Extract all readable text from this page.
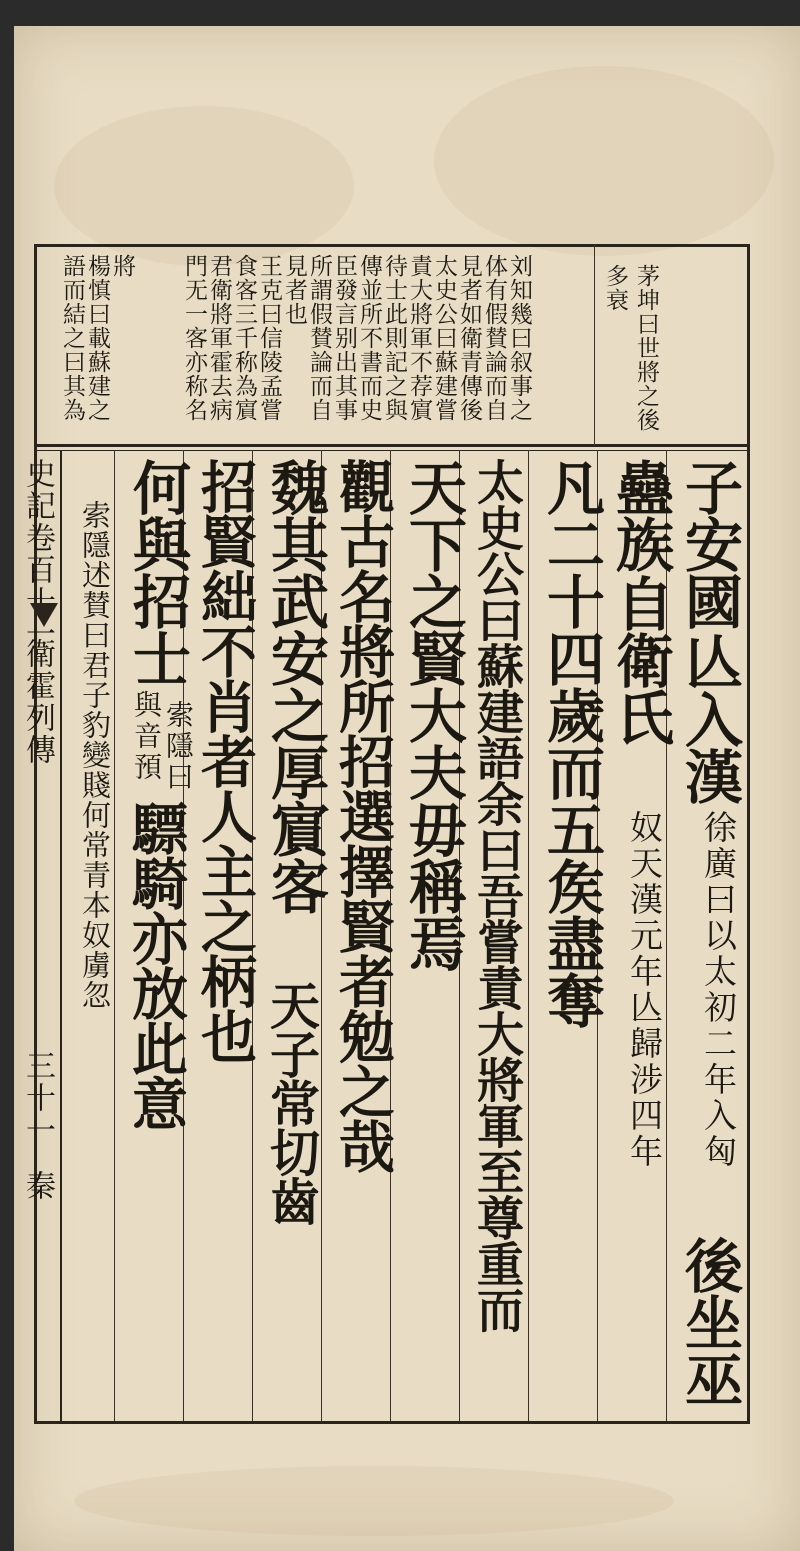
茅坤曰世將之後
多衰
刘知幾曰叙事之
体有假賛論而自
見者如衛青傳後
太史公曰蘇建嘗
責大將軍不荐賔
待士此則記之與
傳並所不書而史
臣發言别出其事
所謂假賛論而自
見者也
王克曰信陵孟嘗
食客三千称為賔
君衛將軍霍去病
門无一客亦称名
將
楊慎曰載蘇建之
語而結之曰其為
子安國
亾
入漢
徐廣曰以太初二年入匈
後坐巫
蠱族
自衛氏
奴天漢元年亾歸涉四年
凡二十四歲而五矦盡奪
太史公曰蘇建語余曰吾嘗責大將軍至尊重而
天下之賢大夫毋稱焉
觀古名將所招選擇賢者勉之哉
魏其武安之厚賔客
天子常切齒
招賢絀不肖者人主之柄也
何與招士
索隱曰
與音預
驃騎亦放此意
索隱述賛曰君子豹變賤何常青本奴虜忽
史記卷百十一
衛霍列傳
三十一
秦
